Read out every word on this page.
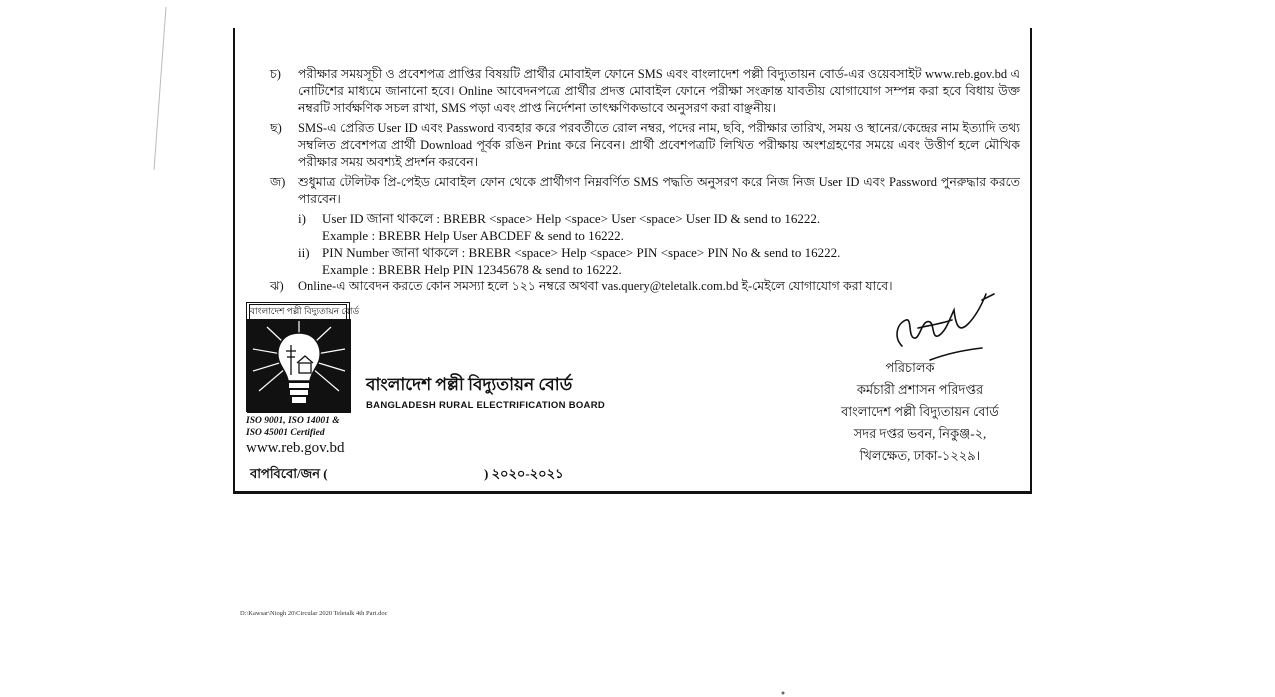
চ)	পরীক্ষার সময়সূচী ও প্রবেশপত্র প্রাপ্তির বিষয়টি প্রার্থীর মোবাইল ফোনে SMS এবং বাংলাদেশ পল্লী বিদ্যুতায়ন বোর্ড-এর ওয়েবসাইট www.reb.gov.bd এ নোটিশের মাধ্যমে জানানো হবে। Online আবেদনপত্রে প্রার্থীর প্রদত্ত মোবাইল ফোনে পরীক্ষা সংক্রান্ত যাবতীয় যোগাযোগ সম্পন্ন করা হবে বিধায় উক্ত নম্বরটি সার্বক্ষণিক সচল রাখা, SMS পড়া এবং প্রাপ্ত নির্দেশনা তাৎক্ষণিকভাবে অনুসরণ করা বাঞ্ছনীয়।

ছ)	SMS-এ প্রেরিত User ID এবং Password ব্যবহার করে পরবর্তীতে রোল নম্বর, পদের নাম, ছবি, পরীক্ষার তারিখ, সময় ও স্থানের/কেন্দ্রের নাম ইত্যাদি তথ্য সম্বলিত প্রবেশপত্র প্রার্থী Download পূর্বক রঙিন Print করে নিবেন। প্রার্থী প্রবেশপত্রটি লিখিত পরীক্ষায় অংশগ্রহণের সময়ে এবং উত্তীর্ণ হলে মৌখিক পরীক্ষার সময় অবশ্যই প্রদর্শন করবেন।

জ)	শুধুমাত্র টেলিটক প্রি-পেইড মোবাইল ফোন থেকে প্রার্থীগণ নিম্নবর্ণিত SMS পদ্ধতি অনুসরণ করে নিজ নিজ User ID এবং Password পুনরুদ্ধার করতে পারবেন।

i) User ID জানা থাকলে : BREBR <space> Help <space> User <space> User ID & send to 16222.
Example : BREBR Help User ABCDEF & send to 16222.
ii) PIN Number জানা থাকলে : BREBR <space> Help <space> PIN <space> PIN No & send to 16222.
Example : BREBR Help PIN 12345678 & send to 16222.
ঝ)	Online-এ আবেদন করতে কোন সমস্যা হলে ১২১ নম্বরে অথবা vas.query@teletalk.com.bd ই-মেইলে যোগাযোগ করা যাবে।

বাংলাদেশ পল্লী বিদ্যুতায়ন বোর্ড
ISO 9001, ISO 14001 &
ISO 45001 Certified
www.reb.gov.bd
বাংলাদেশ পল্লী বিদ্যুতায়ন বোর্ড
BANGLADESH RURAL ELECTRIFICATION BOARD
বাপবিবো/জন (	) ২০২০-২০২১
পরিচালক
কর্মচারী প্রশাসন পরিদপ্তর
বাংলাদেশ পল্লী বিদ্যুতায়ন বোর্ড
সদর দপ্তর ভবন, নিকুঞ্জ-২,
খিলক্ষেত, ঢাকা-১২২৯।
D:\Kawsar\Niogh 20\Circular 2020 Teletalk 4th Part.doc
